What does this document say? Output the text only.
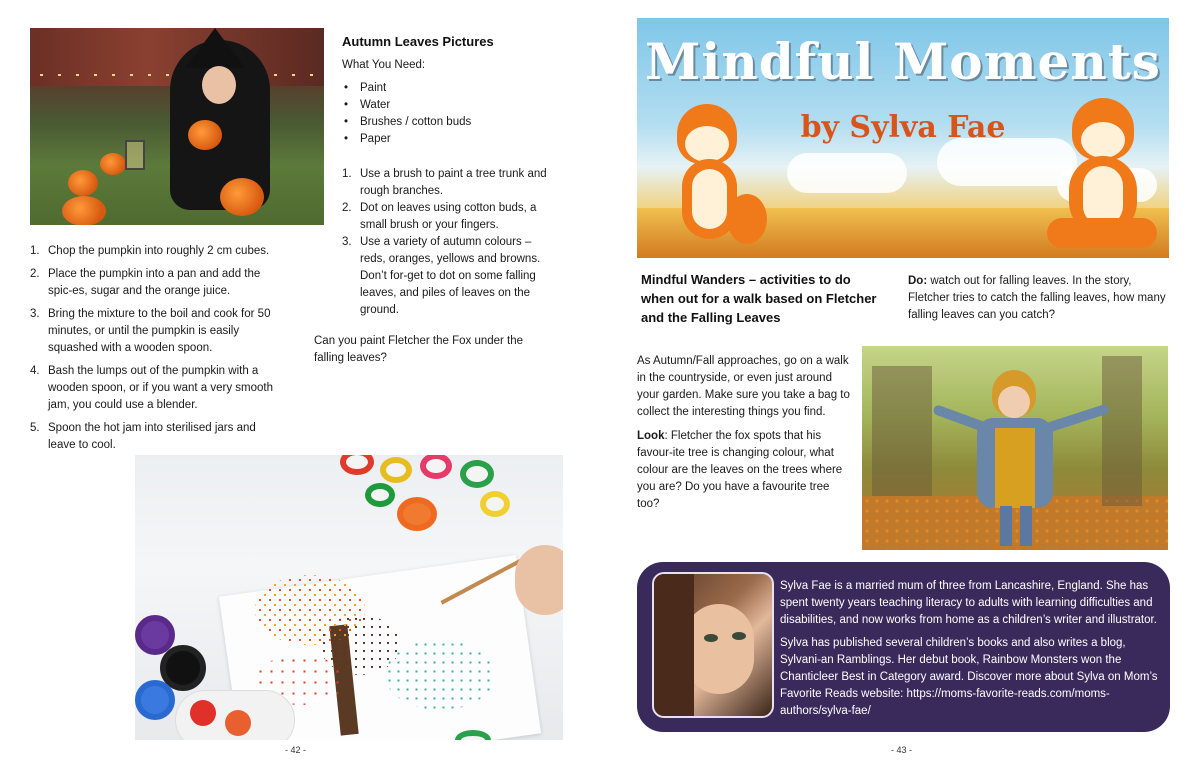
1. Chop the pumpkin into roughly 2 cm cubes.
2. Place the pumpkin into a pan and add the spic-es, sugar and the orange juice.
3. Bring the mixture to the boil and cook for 50 minutes, or until the pumpkin is easily squashed with a wooden spoon.
4. Bash the lumps out of the pumpkin with a wooden spoon, or if you want a very smooth jam, you could use a blender.
5. Spoon the hot jam into sterilised jars and leave to cool.
Autumn Leaves Pictures
What You Need:
• Paint
• Water
• Brushes / cotton buds
• Paper
1. Use a brush to paint a tree trunk and rough branches.
2. Dot on leaves using cotton buds, a small brush or your fingers.
3. Use a variety of autumn colours – reds, oranges, yellows and browns. Don’t for-get to dot on some falling leaves, and piles of leaves on the ground.
Can you paint Fletcher the Fox under the falling leaves?
- 42 -
Mindful Moments
by Sylva Fae
Mindful Wanders – activities to do when out for a walk based on Fletcher and the Falling Leaves
Do: watch out for falling leaves. In the story, Fletcher tries to catch the falling leaves, how many falling leaves can you catch?
As Autumn/Fall approaches, go on a walk in the countryside, or even just around your garden. Make sure you take a bag to collect the interesting things you find.
Look: Fletcher the fox spots that his favour-ite tree is changing colour, what colour are the leaves on the trees where you are? Do you have a favourite tree too?
Sylva Fae is a married mum of three from Lancashire, England. She has spent twenty years teaching literacy to adults with learning difficulties and disabilities, and now works from home as a children’s writer and illustrator.
Sylva has published several children’s books and also writes a blog, Sylvani-an Ramblings. Her debut book, Rainbow Monsters won the Chanticleer Best in Category award. Discover more about Sylva on Mom’s Favorite Reads website: https://moms-favorite-reads.com/moms-authors/sylva-fae/
- 43 -
